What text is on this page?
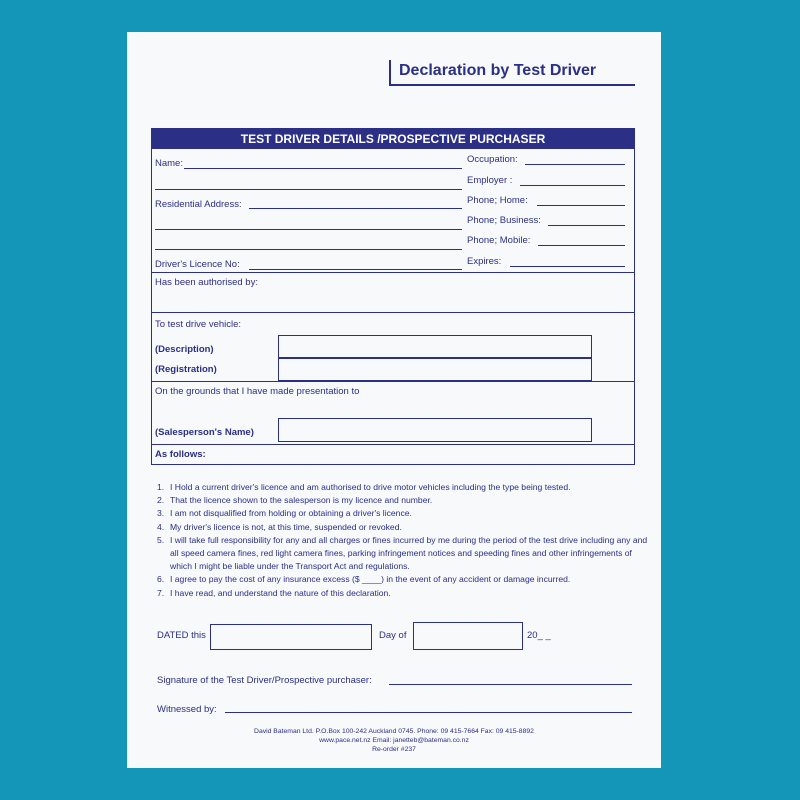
Declaration by Test Driver
TEST DRIVER DETAILS /PROSPECTIVE PURCHASER
Name:	Occupation:
Employer :
Residential Address:	Phone; Home:
Phone; Business:
Phone; Mobile:
Driver's Licence No:	Expires:
Has been authorised by:
To test drive vehicle:
(Description)
(Registration)
On the grounds that I have made presentation to
(Salesperson's Name)
As follows:
1. I Hold a current driver's licence and am authorised to drive motor vehicles including the type being tested.
2. That the licence shown to the salesperson is my licence and number.
3. I am not disqualified from holding or obtaining a driver's licence.
4. My driver's licence is not, at this time, suspended or revoked.
5. I will take full responsibility for any and all charges or fines incurred by me during the period of the test drive including any and all speed camera fines, red light camera fines, parking infringement notices and speeding fines and other infringements of which I might be liable under the Transport Act and regulations.
6. I agree to pay the cost of any insurance excess ($ ____) in the event of any accident or damage incurred.
7. I have read, and understand the nature of this declaration.
DATED this	Day of	20_ _
Signature of the Test Driver/Prospective purchaser:
Witnessed by:
David Bateman Ltd. P.O.Box 100-242 Auckland 0745. Phone: 09 415-7664 Fax: 09 415-8892
www.pace.net.nz Email: janetteb@bateman.co.nz
Re-order #237
